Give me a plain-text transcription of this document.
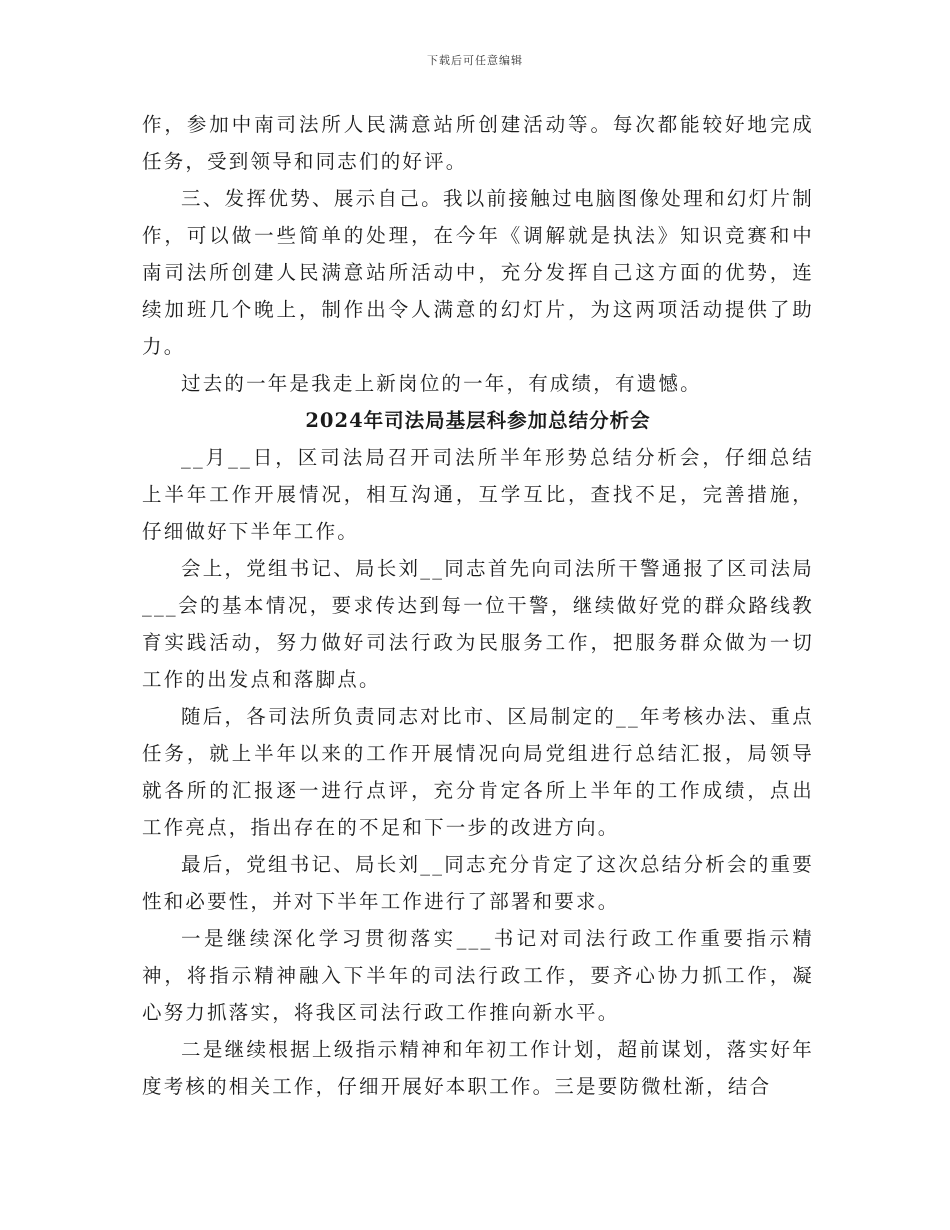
下载后可任意编辑

作，参加中南司法所人民满意站所创建活动等。每次都能较好地完成任务，受到领导和同志们的好评。

三、发挥优势、展示自己。我以前接触过电脑图像处理和幻灯片制作，可以做一些简单的处理，在今年《调解就是执法》知识竞赛和中南司法所创建人民满意站所活动中，充分发挥自己这方面的优势，连续加班几个晚上，制作出令人满意的幻灯片，为这两项活动提供了助力。

过去的一年是我走上新岗位的一年，有成绩，有遗憾。

2024年司法局基层科参加总结分析会

__月__日，区司法局召开司法所半年形势总结分析会，仔细总结上半年工作开展情况，相互沟通，互学互比，查找不足，完善措施，仔细做好下半年工作。

会上，党组书记、局长刘__同志首先向司法所干警通报了区司法局___会的基本情况，要求传达到每一位干警，继续做好党的群众路线教育实践活动，努力做好司法行政为民服务工作，把服务群众做为一切工作的出发点和落脚点。

随后，各司法所负责同志对比市、区局制定的__年考核办法、重点任务，就上半年以来的工作开展情况向局党组进行总结汇报，局领导就各所的汇报逐一进行点评，充分肯定各所上半年的工作成绩，点出工作亮点，指出存在的不足和下一步的改进方向。

最后，党组书记、局长刘__同志充分肯定了这次总结分析会的重要性和必要性，并对下半年工作进行了部署和要求。

一是继续深化学习贯彻落实___书记对司法行政工作重要指示精神，将指示精神融入下半年的司法行政工作，要齐心协力抓工作，凝心努力抓落实，将我区司法行政工作推向新水平。

二是继续根据上级指示精神和年初工作计划，超前谋划，落实好年度考核的相关工作，仔细开展好本职工作。三是要防微杜渐，结合
